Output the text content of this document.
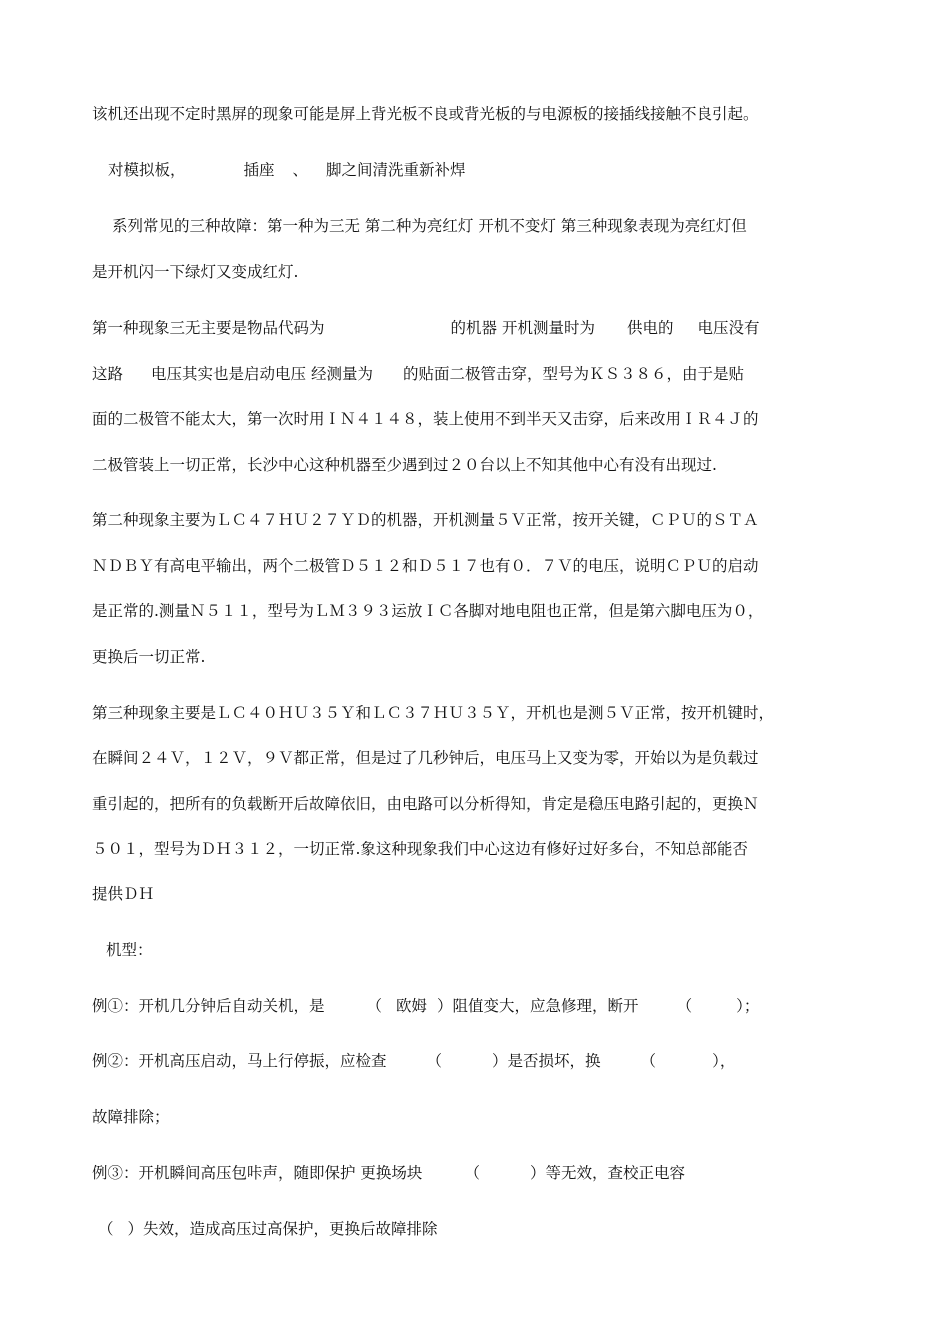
该机还出现不定时黑屏的现象可能是屏上背光板不良或背光板的与电源板的接插线接触不良引起。
对模拟板，	插座 、 脚之间清洗重新补焊
系列常见的三种故障：第一种为三无 第二种为亮红灯 开机不变灯 第三种现象表现为亮红灯但
是开机闪一下绿灯又变成红灯.
第一种现象三无主要是物品代码为	的机器 开机测量时为 供电的 电压没有
这路 电压其实也是启动电压 经测量为 的贴面二极管击穿，型号为ＫＳ３８６，由于是贴
面的二极管不能太大，第一次时用ＩＮ４１４８，装上使用不到半天又击穿，后来改用ＩＲ４Ｊ的
二极管装上一切正常，长沙中心这种机器至少遇到过２０台以上不知其他中心有没有出现过.
第二种现象主要为ＬＣ４７ＨＵ２７ＹＤ的机器，开机测量５Ｖ正常，按开关键，ＣＰＵ的ＳＴＡ
ＮＤＢＹ有高电平输出，两个二极管Ｄ５１２和Ｄ５１７也有０．７Ｖ的电压，说明ＣＰＵ的启动
是正常的.测量Ｎ５１１，型号为ＬＭ３９３运放ＩＣ各脚对地电阻也正常，但是第六脚电压为０，
更换后一切正常.
第三种现象主要是ＬＣ４０ＨＵ３５Ｙ和ＬＣ３７ＨＵ３５Ｙ，开机也是测５Ｖ正常，按开机键时，
在瞬间２４Ｖ，１２Ｖ，９Ｖ都正常，但是过了几秒钟后，电压马上又变为零，开始以为是负载过
重引起的，把所有的负载断开后故障依旧，由电路可以分析得知，肯定是稳压电路引起的，更换Ｎ
５０１，型号为ＤＨ３１２，一切正常.象这种现象我们中心这边有修好过好多台，不知总部能否
提供ＤＨ
机型：
例①：开机几分钟后自动关机，是	（ 欧姆 ）阻值变大，应急修理，断开 （	）；
例②：开机高压启动，马上行停振，应检查	（	）是否损坏，换	（	），
故障排除；
例③：开机瞬间高压包咔声，随即保护 更换场块	（	）等无效，查校正电容
（ ）失效，造成高压过高保护，更换后故障排除
